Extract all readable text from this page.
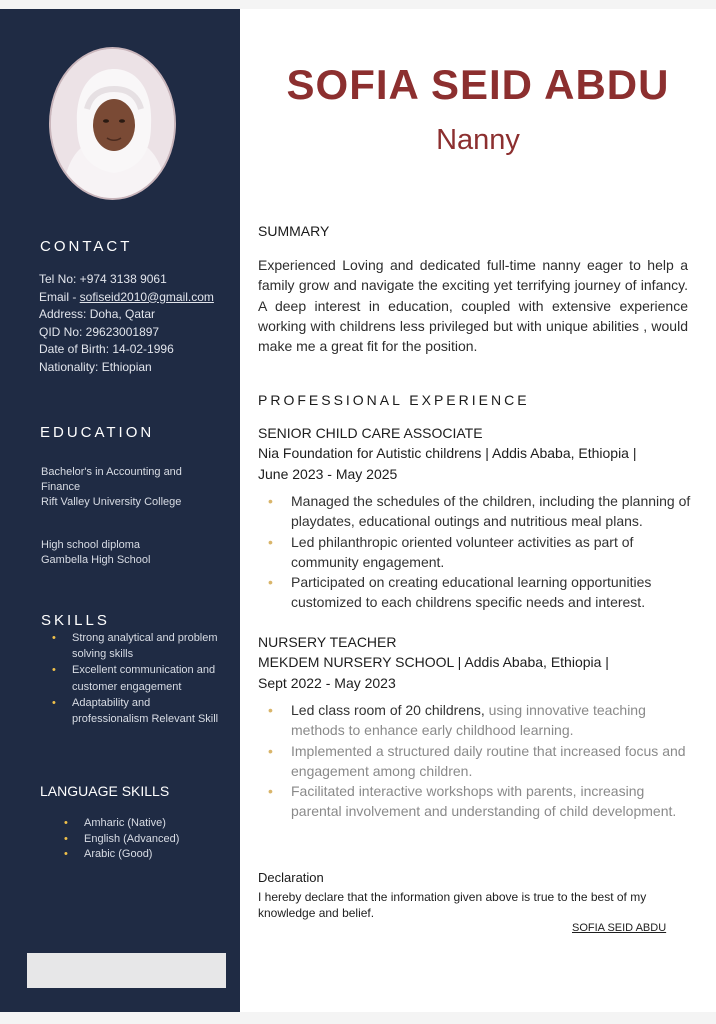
CONTACT
Tel No: +974 3138 9061
Email - sofiseid2010@gmail.com
Address: Doha, Qatar
QID No: 29623001897
Date of Birth: 14-02-1996
Nationality: Ethiopian
EDUCATION
Bachelor's in Accounting and Finance
Rift Valley University College
High school diploma
Gambella High School
SKILLS
• Strong analytical and problem solving skills
• Excellent communication and customer engagement
• Adaptability and professionalism Relevant Skill
LANGUAGE SKILLS
• Amharic (Native)
• English (Advanced)
• Arabic (Good)
SOFIA SEID ABDU
Nanny
SUMMARY
Experienced Loving and dedicated full-time nanny eager to help a family grow and navigate the exciting yet terrifying journey of infancy. A deep interest in education, coupled with extensive experience working with childrens less privileged but with unique abilities , would make me a great fit for the position.
PROFESSIONAL EXPERIENCE
SENIOR CHILD CARE ASSOCIATE
Nia Foundation for Autistic childrens | Addis Ababa, Ethiopia |
June 2023 - May 2025
• Managed the schedules of the children, including the planning of playdates, educational outings and nutritious meal plans.
• Led philanthropic oriented volunteer activities as part of community engagement.
• Participated on creating educational learning opportunities customized to each childrens specific needs and interest.
NURSERY TEACHER
MEKDEM NURSERY SCHOOL | Addis Ababa, Ethiopia |
Sept 2022 - May 2023
• Led class room of 20 childrens, using innovative teaching methods to enhance early childhood learning.
• Implemented a structured daily routine that increased focus and engagement among children.
• Facilitated interactive workshops with parents, increasing parental involvement and understanding of child development.
Declaration
I hereby declare that the information given above is true to the best of my knowledge and belief.
SOFIA SEID ABDU
